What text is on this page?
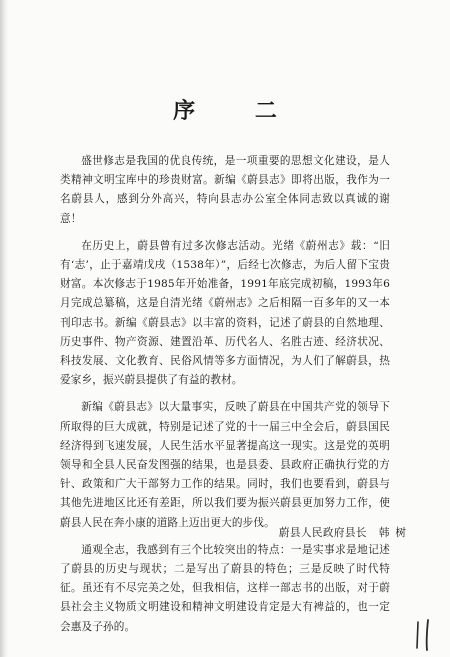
序 二

盛世修志是我国的优良传统，是一项重要的思想文化建设，是人类精神文明宝库中的珍贵财富。新编《蔚县志》即将出版，我作为一名蔚县人，感到分外高兴，特向县志办公室全体同志致以真诚的谢意！

在历史上，蔚县曾有过多次修志活动。光绪《蔚州志》载：“旧有‘志’，止于嘉靖戊戌（1538年）”，后经七次修志，为后人留下宝贵财富。本次修志于1985年开始准备，1991年底完成初稿，1993年6月完成总纂稿，这是自清光绪《蔚州志》之后相隔一百多年的又一本刊印志书。新编《蔚县志》以丰富的资料，记述了蔚县的自然地理、历史事件、物产资源、建置沿革、历代名人、名胜古迹、经济状况、科技发展、文化教育、民俗风情等多方面情况，为人们了解蔚县，热爱家乡，振兴蔚县提供了有益的教材。

新编《蔚县志》以大量事实，反映了蔚县在中国共产党的领导下所取得的巨大成就，特别是记述了党的十一届三中全会后，蔚县国民经济得到飞速发展，人民生活水平显著提高这一现实。这是党的英明领导和全县人民奋发图强的结果，也是县委、县政府正确执行党的方针、政策和广大干部努力工作的结果。同时，我们也要看到，蔚县与其他先进地区比还有差距，所以我们要为振兴蔚县更加努力工作，使蔚县人民在奔小康的道路上迈出更大的步伐。

通观全志，我感到有三个比较突出的特点：一是实事求是地记述了蔚县的历史与现状；二是写出了蔚县的特色；三是反映了时代特征。虽还有不尽完美之处，但我相信，这样一部志书的出版，对于蔚县社会主义物质文明建设和精神文明建设肯定是大有裨益的，也一定会惠及子孙的。

蔚县人民政府县长 韩树
